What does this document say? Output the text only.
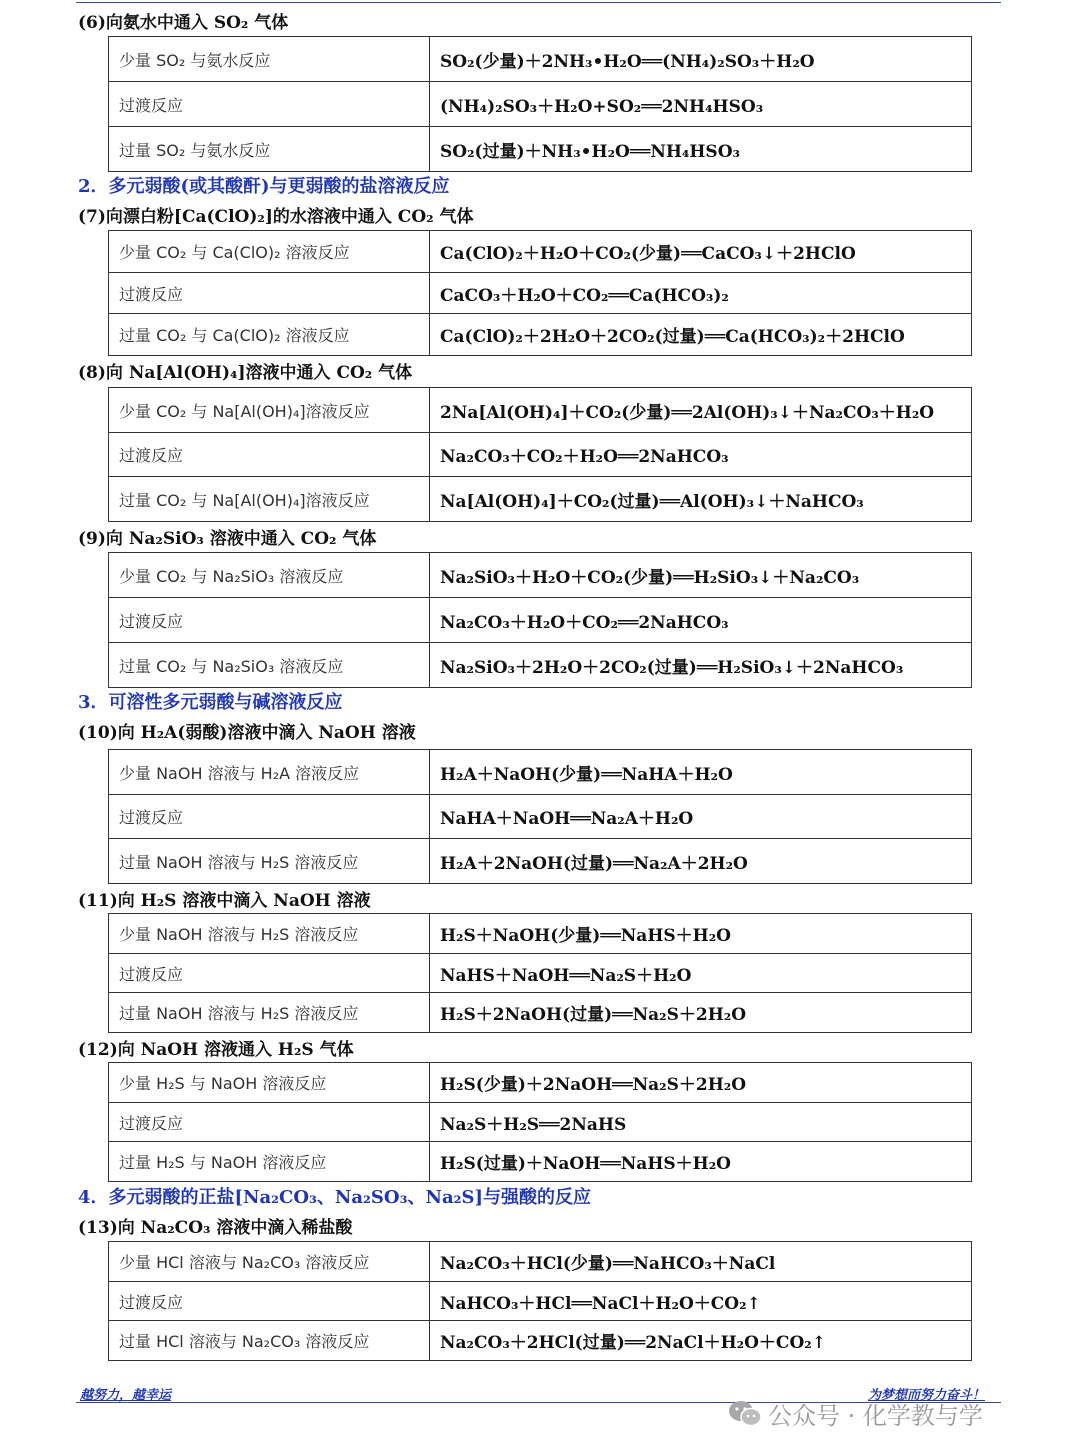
(6)向氨水中通入 SO₂ 气体
少量 SO₂ 与氨水反应	SO₂(少量)＋2NH₃•H₂O══(NH₄)₂SO₃＋H₂O
过渡反应	(NH₄)₂SO₃＋H₂O+SO₂══2NH₄HSO₃
过量 SO₂ 与氨水反应	SO₂(过量)＋NH₃•H₂O══NH₄HSO₃
2．多元弱酸(或其酸酐)与更弱酸的盐溶液反应
(7)向漂白粉[Ca(ClO)₂]的水溶液中通入 CO₂ 气体
少量 CO₂ 与 Ca(ClO)₂ 溶液反应	Ca(ClO)₂＋H₂O＋CO₂(少量)══CaCO₃↓＋2HClO
过渡反应	CaCO₃＋H₂O＋CO₂══Ca(HCO₃)₂
过量 CO₂ 与 Ca(ClO)₂ 溶液反应	Ca(ClO)₂＋2H₂O＋2CO₂(过量)══Ca(HCO₃)₂＋2HClO
(8)向 Na[Al(OH)₄]溶液中通入 CO₂ 气体
少量 CO₂ 与 Na[Al(OH)₄]溶液反应	2Na[Al(OH)₄]＋CO₂(少量)══2Al(OH)₃↓＋Na₂CO₃＋H₂O
过渡反应	Na₂CO₃＋CO₂＋H₂O══2NaHCO₃
过量 CO₂ 与 Na[Al(OH)₄]溶液反应	Na[Al(OH)₄]＋CO₂(过量)══Al(OH)₃↓＋NaHCO₃
(9)向 Na₂SiO₃ 溶液中通入 CO₂ 气体
少量 CO₂ 与 Na₂SiO₃ 溶液反应	Na₂SiO₃＋H₂O＋CO₂(少量)══H₂SiO₃↓＋Na₂CO₃
过渡反应	Na₂CO₃＋H₂O＋CO₂══2NaHCO₃
过量 CO₂ 与 Na₂SiO₃ 溶液反应	Na₂SiO₃＋2H₂O＋2CO₂(过量)══H₂SiO₃↓＋2NaHCO₃
3．可溶性多元弱酸与碱溶液反应
(10)向 H₂A(弱酸)溶液中滴入 NaOH 溶液
少量 NaOH 溶液与 H₂A 溶液反应	H₂A＋NaOH(少量)══NaHA＋H₂O
过渡反应	NaHA＋NaOH══Na₂A＋H₂O
过量 NaOH 溶液与 H₂S 溶液反应	H₂A＋2NaOH(过量)══Na₂A＋2H₂O
(11)向 H₂S 溶液中滴入 NaOH 溶液
少量 NaOH 溶液与 H₂S 溶液反应	H₂S＋NaOH(少量)══NaHS＋H₂O
过渡反应	NaHS＋NaOH══Na₂S＋H₂O
过量 NaOH 溶液与 H₂S 溶液反应	H₂S＋2NaOH(过量)══Na₂S＋2H₂O
(12)向 NaOH 溶液通入 H₂S 气体
少量 H₂S 与 NaOH 溶液反应	H₂S(少量)＋2NaOH══Na₂S＋2H₂O
过渡反应	Na₂S＋H₂S══2NaHS
过量 H₂S 与 NaOH 溶液反应	H₂S(过量)＋NaOH══NaHS＋H₂O
4．多元弱酸的正盐[Na₂CO₃、Na₂SO₃、Na₂S]与强酸的反应
(13)向 Na₂CO₃ 溶液中滴入稀盐酸
少量 HCl 溶液与 Na₂CO₃ 溶液反应	Na₂CO₃＋HCl(少量)══NaHCO₃＋NaCl
过渡反应	NaHCO₃＋HCl══NaCl＋H₂O＋CO₂↑
过量 HCl 溶液与 Na₂CO₃ 溶液反应	Na₂CO₃＋2HCl(过量)══2NaCl＋H₂O＋CO₂↑
越努力，越幸运	为梦想而努力奋斗！
公众号 · 化学教与学
